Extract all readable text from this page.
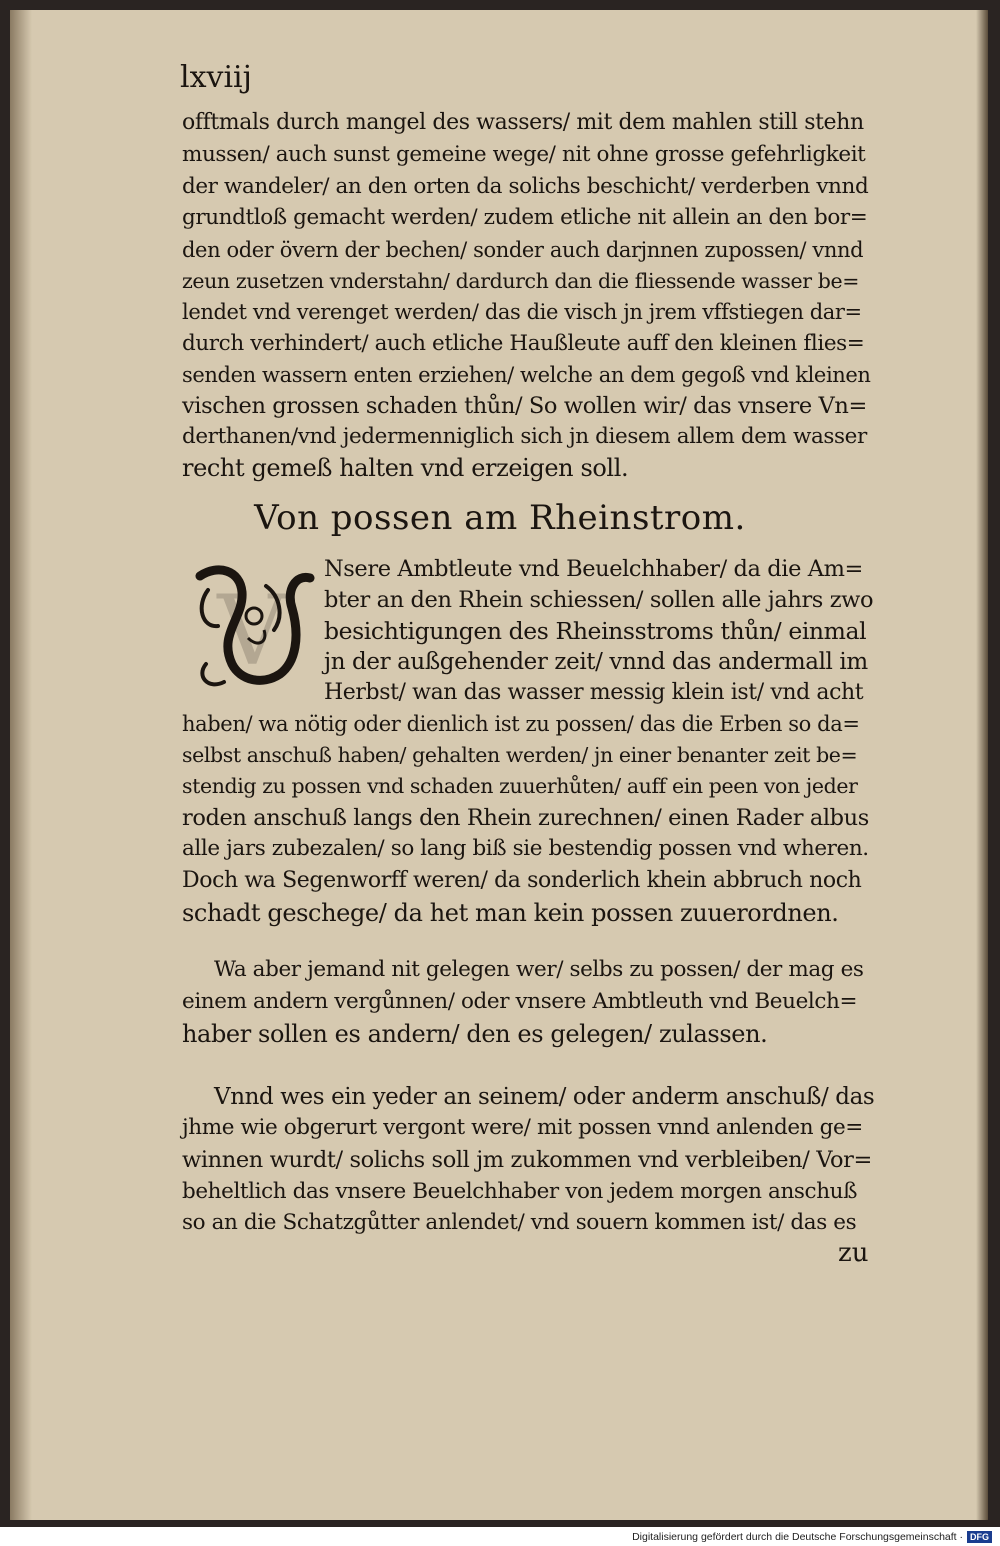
lxviij
offtmals durch mangel des wassers/ mit dem mahlen still stehn
mussen/ auch sunst gemeine wege/ nit ohne grosse gefehrligkeit
der wandeler/ an den orten da solichs beschicht/ verderben vnnd
grundtloß gemacht werden/ zudem etliche nit allein an den bor=
den oder övern der bechen/ sonder auch darjnnen zupossen/ vnnd
zeun zusetzen vnderstahn/ dardurch dan die fliessende wasser be=
lendet vnd verenget werden/ das die visch jn jrem vffstiegen dar=
durch verhindert/ auch etliche Haußleute auff den kleinen flies=
senden wassern enten erziehen/ welche an dem gegoß vnd kleinen
vischen grossen schaden thůn/ So wollen wir/ das vnsere Vn=
derthanen/vnd jedermenniglich sich jn diesem allem dem wasser
recht gemeß halten vnd erzeigen soll.
Von possen am Rheinstrom.
V
Nsere Ambtleute vnd Beuelchhaber/ da die Am=
bter an den Rhein schiessen/ sollen alle jahrs zwo
besichtigungen des Rheinsstroms thůn/ einmal
jn der außgehender zeit/ vnnd das andermall im
Herbst/ wan das wasser messig klein ist/ vnd acht
haben/ wa nötig oder dienlich ist zu possen/ das die Erben so da=
selbst anschuß haben/ gehalten werden/ jn einer benanter zeit be=
stendig zu possen vnd schaden zuuerhůten/ auff ein peen von jeder
roden anschuß langs den Rhein zurechnen/ einen Rader albus
alle jars zubezalen/ so lang biß sie bestendig possen vnd wheren.
Doch wa Segenworff weren/ da sonderlich khein abbruch noch
schadt geschege/ da het man kein possen zuuerordnen.
Wa aber jemand nit gelegen wer/ selbs zu possen/ der mag es
einem andern vergůnnen/ oder vnsere Ambtleuth vnd Beuelch=
haber sollen es andern/ den es gelegen/ zulassen.
Vnnd wes ein yeder an seinem/ oder anderm anschuß/ das
jhme wie obgerurt vergont were/ mit possen vnnd anlenden ge=
winnen wurdt/ solichs soll jm zukommen vnd verbleiben/ Vor=
beheltlich das vnsere Beuelchhaber von jedem morgen anschuß
so an die Schatzgůtter anlendet/ vnd souern kommen ist/ das es
zu
Digitalisierung gefördert durch die Deutsche Forschungsgemeinschaft · DFG
